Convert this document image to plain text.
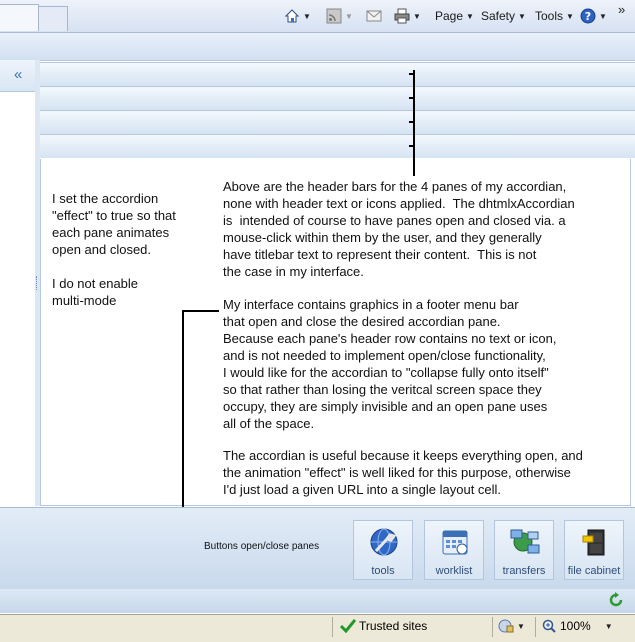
▼	▼	▼ Page ▼ Safety ▼ Tools ▼ ? ▼ »
«

I set the accordion
"effect" to true so that
each pane animates
open and closed.

I do not enable
multi-mode

Above are the header bars for the 4 panes of my accordian,
none with header text or icons applied.  The dhtmlxAccordian
is  intended of course to have panes open and closed via. a
mouse-click within them by the user, and they generally
have titlebar text to represent their content.  This is not
the case in my interface.

My interface contains graphics in a footer menu bar
that open and close the desired accordian pane.
Because each pane's header row contains no text or icon,
and is not needed to implement open/close functionality,
I would like for the accordian to "collapse fully onto itself"
so that rather than losing the veritcal screen space they
occupy, they are simply invisible and an open pane uses
all of the space.

The accordian is useful because it keeps everything open, and
the animation "effect" is well liked for this purpose, otherwise
I'd just load a given URL into a single layout cell.

Buttons open/close panes
tools	worklist	transfers	file cabinet
Trusted sites	▼	100% ▼
